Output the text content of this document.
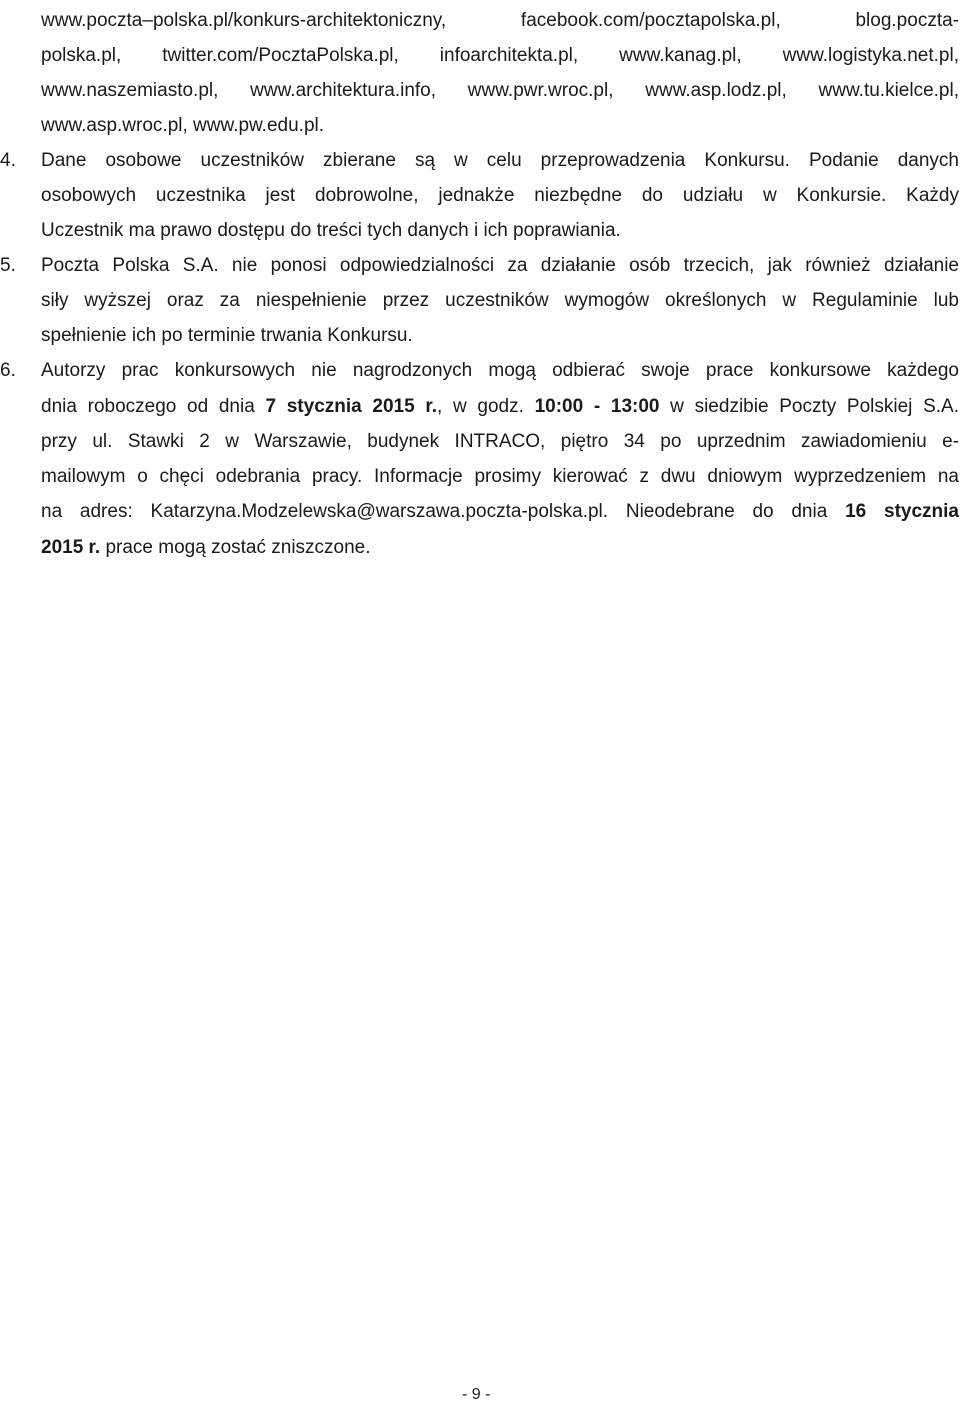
www.poczta–polska.pl/konkurs-architektoniczny, facebook.com/pocztapolska.pl, blog.poczta-
polska.pl, twitter.com/PocztaPolska.pl, infoarchitekta.pl, www.kanag.pl, www.logistyka.net.pl,
www.naszemiasto.pl, www.architektura.info, www.pwr.wroc.pl, www.asp.lodz.pl, www.tu.kielce.pl,
www.asp.wroc.pl, www.pw.edu.pl.
4.	Dane osobowe uczestników zbierane są w celu przeprowadzenia Konkursu. Podanie danych
osobowych uczestnika jest dobrowolne, jednakże niezbędne do udziału w Konkursie. Każdy
Uczestnik ma prawo dostępu do treści tych danych i ich poprawiania.
5.	Poczta Polska S.A. nie ponosi odpowiedzialności za działanie osób trzecich, jak również działanie
siły wyższej oraz za niespełnienie przez uczestników wymogów określonych w Regulaminie lub
spełnienie ich po terminie trwania Konkursu.
6.	Autorzy prac konkursowych nie nagrodzonych mogą odbierać swoje prace konkursowe każdego
dnia roboczego od dnia 7 stycznia 2015 r., w godz. 10:00 - 13:00 w siedzibie Poczty Polskiej S.A.
przy ul. Stawki 2 w Warszawie, budynek INTRACO, piętro 34 po uprzednim zawiadomieniu e-
mailowym o chęci odebrania pracy. Informacje prosimy kierować z dwu dniowym wyprzedzeniem na
na adres: Katarzyna.Modzelewska@warszawa.poczta-polska.pl. Nieodebrane do dnia 16 stycznia
2015 r. prace mogą zostać zniszczone.
- 9 -
